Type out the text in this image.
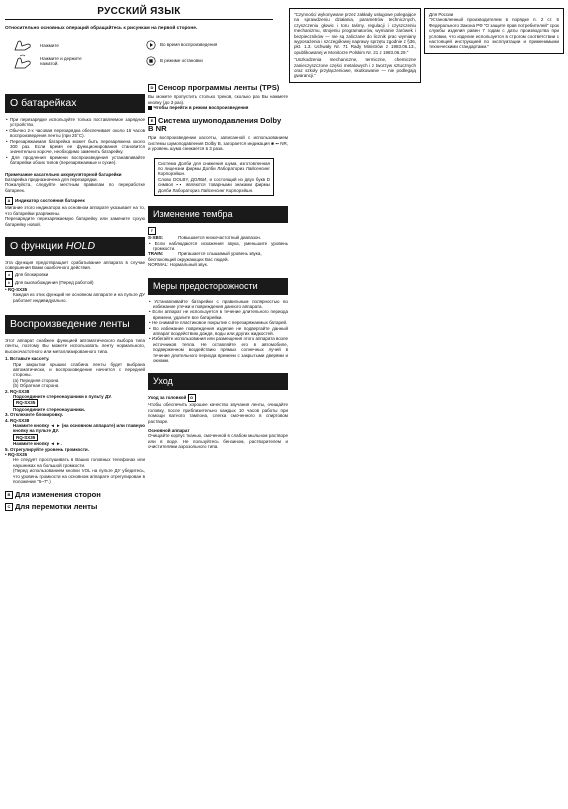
РУССКИЙ ЯЗЫК
Относительно основных операций обращайтесь к рисункам на первой стороне.
Нажмите
Нажмите и держите нажатой.
Во время воспроизведения
В режиме остановки
О батарейках
• При перезарядке используйте только поставляемое зарядное устройство.
• Обычно 2-х часовая перезарядка обеспечивает около 15 часов воспроизведения ленты (при 25°С).
• Перезаряжаемая батарейка может быть перезаряжена около 300 раз. Если время ее функционирования становится значительно короче, необходимо заменить батарейку.
• Для продления времени воспроизведения устанавливайте батарейки обоих типов (перезаряжаемые и сухие).
Примечание касательно аккумуляторной батарейки
Батарейка предназначена для перезарядки.
Пожалуйста, следуйте местным правилам по переработке батареек.
A Индикатор состояния батареек
Мигание этого индикатора на основном аппарате указывает на то, что батарейки разряжены.
Перезарядите перезаряжаемую батарейку или замените сухую батарейку новой.
О функции HOLD
Эта функция предотвращает срабатывание аппарата в случае совершения Вами ошибочного действия.
a Для блокировки
b Для высвобождения (Перед работой)
• RQ-SX35
Каждая из этих функций не основном аппарате и на пульте ДУ работает индивидуально.
Воспроизведение ленты
Этот аппарат снабжен функцией автоматического выбора типа ленты, поэтому Вы можете использовать ленту нормального, высокочастотного или металлизированного типа.
1. Вставьте кассету.
При закрытии крышки слабина ленты будет выбрана автоматически, и воспроизведение начнется с передней стороны.
(a) Передняя сторона
(b) Обратная сторона
2. RQ-SX38
Подсоедините стереонаушники к пульту ДУ.
RQ-SX35
Подсоедините стереонаушники.
3. Отключите блокировку.
4. RQ-SX38
Нажмите кнопку ◄ ► (на основном аппарате) или главную кнопку на пульте ДУ.
RQ-SX35
Нажмите кнопку ◄ ►.
5. Отрегулируйте уровень громкости.
• RQ-SX35
Не следует прослушивать в Ваших головных телефонах или наушниках на большой громкости.
(Перед использованием кнопки VOL на пульте ДУ убедитесь, что уровень громкости на основном аппарате отрегулирован в положение "5~7".)
B Для изменения сторон
C Для перемотки ленты
D Сенсор программы ленты (TPS)
Вы можете пропустить столько треков, сколько раз Вы нажмете кнопку (до 3 раз).
Чтобы перейти в режим воспроизведения
E Система шумоподавления Dolby B NR
При воспроизведении кассеты, записанной с использованием системы шумоподавления Dolby B, загорается индикация ■ ▪▪ NR, и уровень шума снижается в 3 раза.
Система Долби для снижения шума, изготовленная по лицензии фирмы Долби Лабораториз Лайсенсинг Корпорэйшн.
Слово DOLBY, ДОЛБИ, и состоящий из двух букв D символ ▪▪ являются товарными знаками фирмы Долби Лабораториз Лайсенсинг Корпорэйшн.
Изменение тембра
F
S-XBS:	Повышается низкочастотный диапазон.
• Если наблюдаются искажения звука, уменьшите уровень громкости.
TRAIN:	Пригашается слышимый уровень звука, беспокоящий окружающих Вас людей.
NORMAL: Нормальный звук.
Меры предосторожности
• Устанавливайте батарейки с правильным полярностью во избежание утечки и повреждения данного аппарата.
• Если аппарат не используется в течение длительного периода времени, удалите все батарейки.
• Не снимайте пластиковое покрытие с перезаряжаемых батарей.
• Во избежание повреждения изделие не подвергайте данный аппарат воздействию дождя, воды или других жидкостей.
• Избегайте использования или размещения этого аппарата возле источников тепла. Не оставляйте его в автомобиле, подверженном воздействию прямых солнечных лучей в течение длительного периода времени с закрытыми дверями и окнами.
Уход
Уход за головкой G
Чтобы обеспечить хорошее качество звучания ленты, очищайте головку, после приблизительно каждых 10 часов работы при помощи ватного тампона, слегка смоченного в спиртовом растворе.
Основной аппарат
Очищайте корпус тканью, смоченной в слабом мыльном растворе или в воде. Не пользуйтесь бензином, растворителем и очистителями аэрозольного типа.
"Czynności wykonywane przez zakłady usługowe polegające na sprawdzeniu działania, parametrów technicznych, czyszczeniu głowic i toru taśmy, regulacji i czyszczeniu mechanizmu, strojeniu programatorów, wymianie żarówek i bezpieczników — nie są zaliczane do licznik prac wymiany wyposażenia i szczegółowej naprawy sprzętu zgodnie z §36, pkt. 1.3. Uchwały Nr. 71 Rady Ministrów z 1983.06.13., opublikowanej w Monitorze Polskim Nr. 21 z 1983.06.29."
"Uszkodzenia mechaniczne, termiczne, chemiczne zanieczyszczone części metalowych i z tworzyw sztucznych oraz szkoły przyłączeniowe, skutkowanie — nie podlegają gwarancji."
Для России
"Установленный производителем в порядке п. 2 ст. 5 Федерального Закона РФ "О защите прав потребителей" срок службы изделия равен 7 годам с даты производства при условии, что изделие используется в строгом соответствии с настоящей инструкцией по эксплуатации и применимыми техническими стандартами."
